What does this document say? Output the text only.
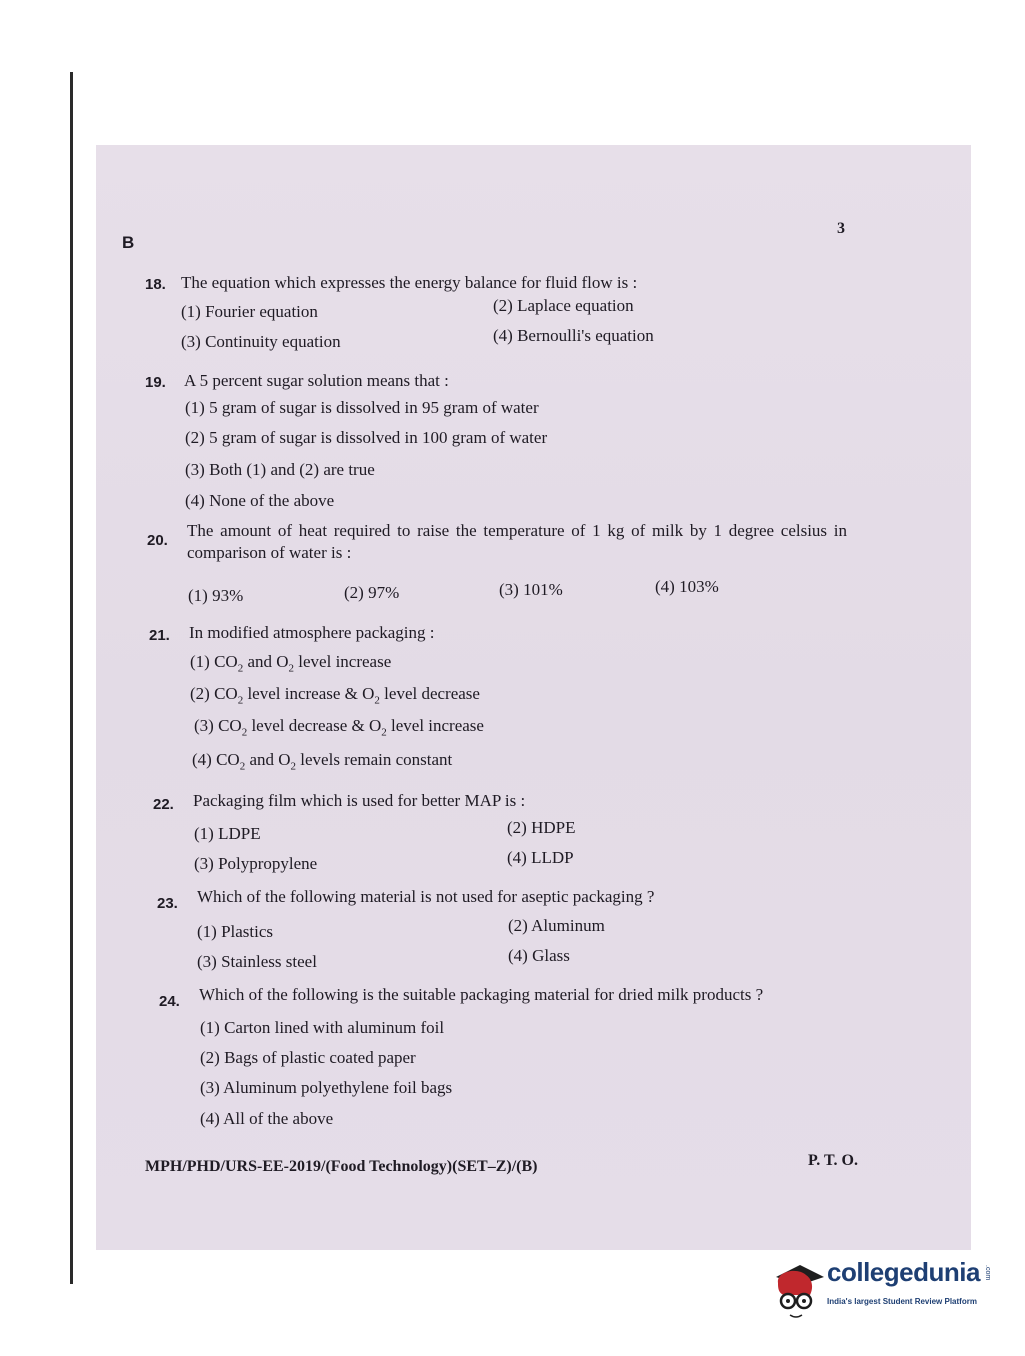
B
3
18. The equation which expresses the energy balance for fluid flow is :
(1) Fourier equation	(2) Laplace equation
(3) Continuity equation	(4) Bernoulli's equation
19. A 5 percent sugar solution means that :
(1) 5 gram of sugar is dissolved in 95 gram of water
(2) 5 gram of sugar is dissolved in 100 gram of water
(3) Both (1) and (2) are true
(4) None of the above
20.
The amount of heat required to raise the temperature of 1 kg of milk by 1 degree celsius in comparison of water is :
(1) 93%	(2) 97%	(3) 101%	(4) 103%
21. In modified atmosphere packaging :
(1) $CO_2$ and $O_2$ level increase
(2) $CO_2$ level increase & $O_2$ level decrease
(3) $CO_2$ level decrease & $O_2$ level increase
(4) $CO_2$ and $O_2$ levels remain constant
22. Packaging film which is used for better MAP is :
(1) LDPE	(2) HDPE
(3) Polypropylene	(4) LLDP
23. Which of the following material is not used for aseptic packaging ?
(1) Plastics	(2) Aluminum
(3) Stainless steel	(4) Glass
24. Which of the following is the suitable packaging material for dried milk products ?
(1) Carton lined with aluminum foil
(2) Bags of plastic coated paper
(3) Aluminum polyethylene foil bags
(4) All of the above
MPH/PHD/URS-EE-2019/(Food Technology)(SET–Z)/(B)	P. T. O.
collegedunia .com
India's largest Student Review Platform
